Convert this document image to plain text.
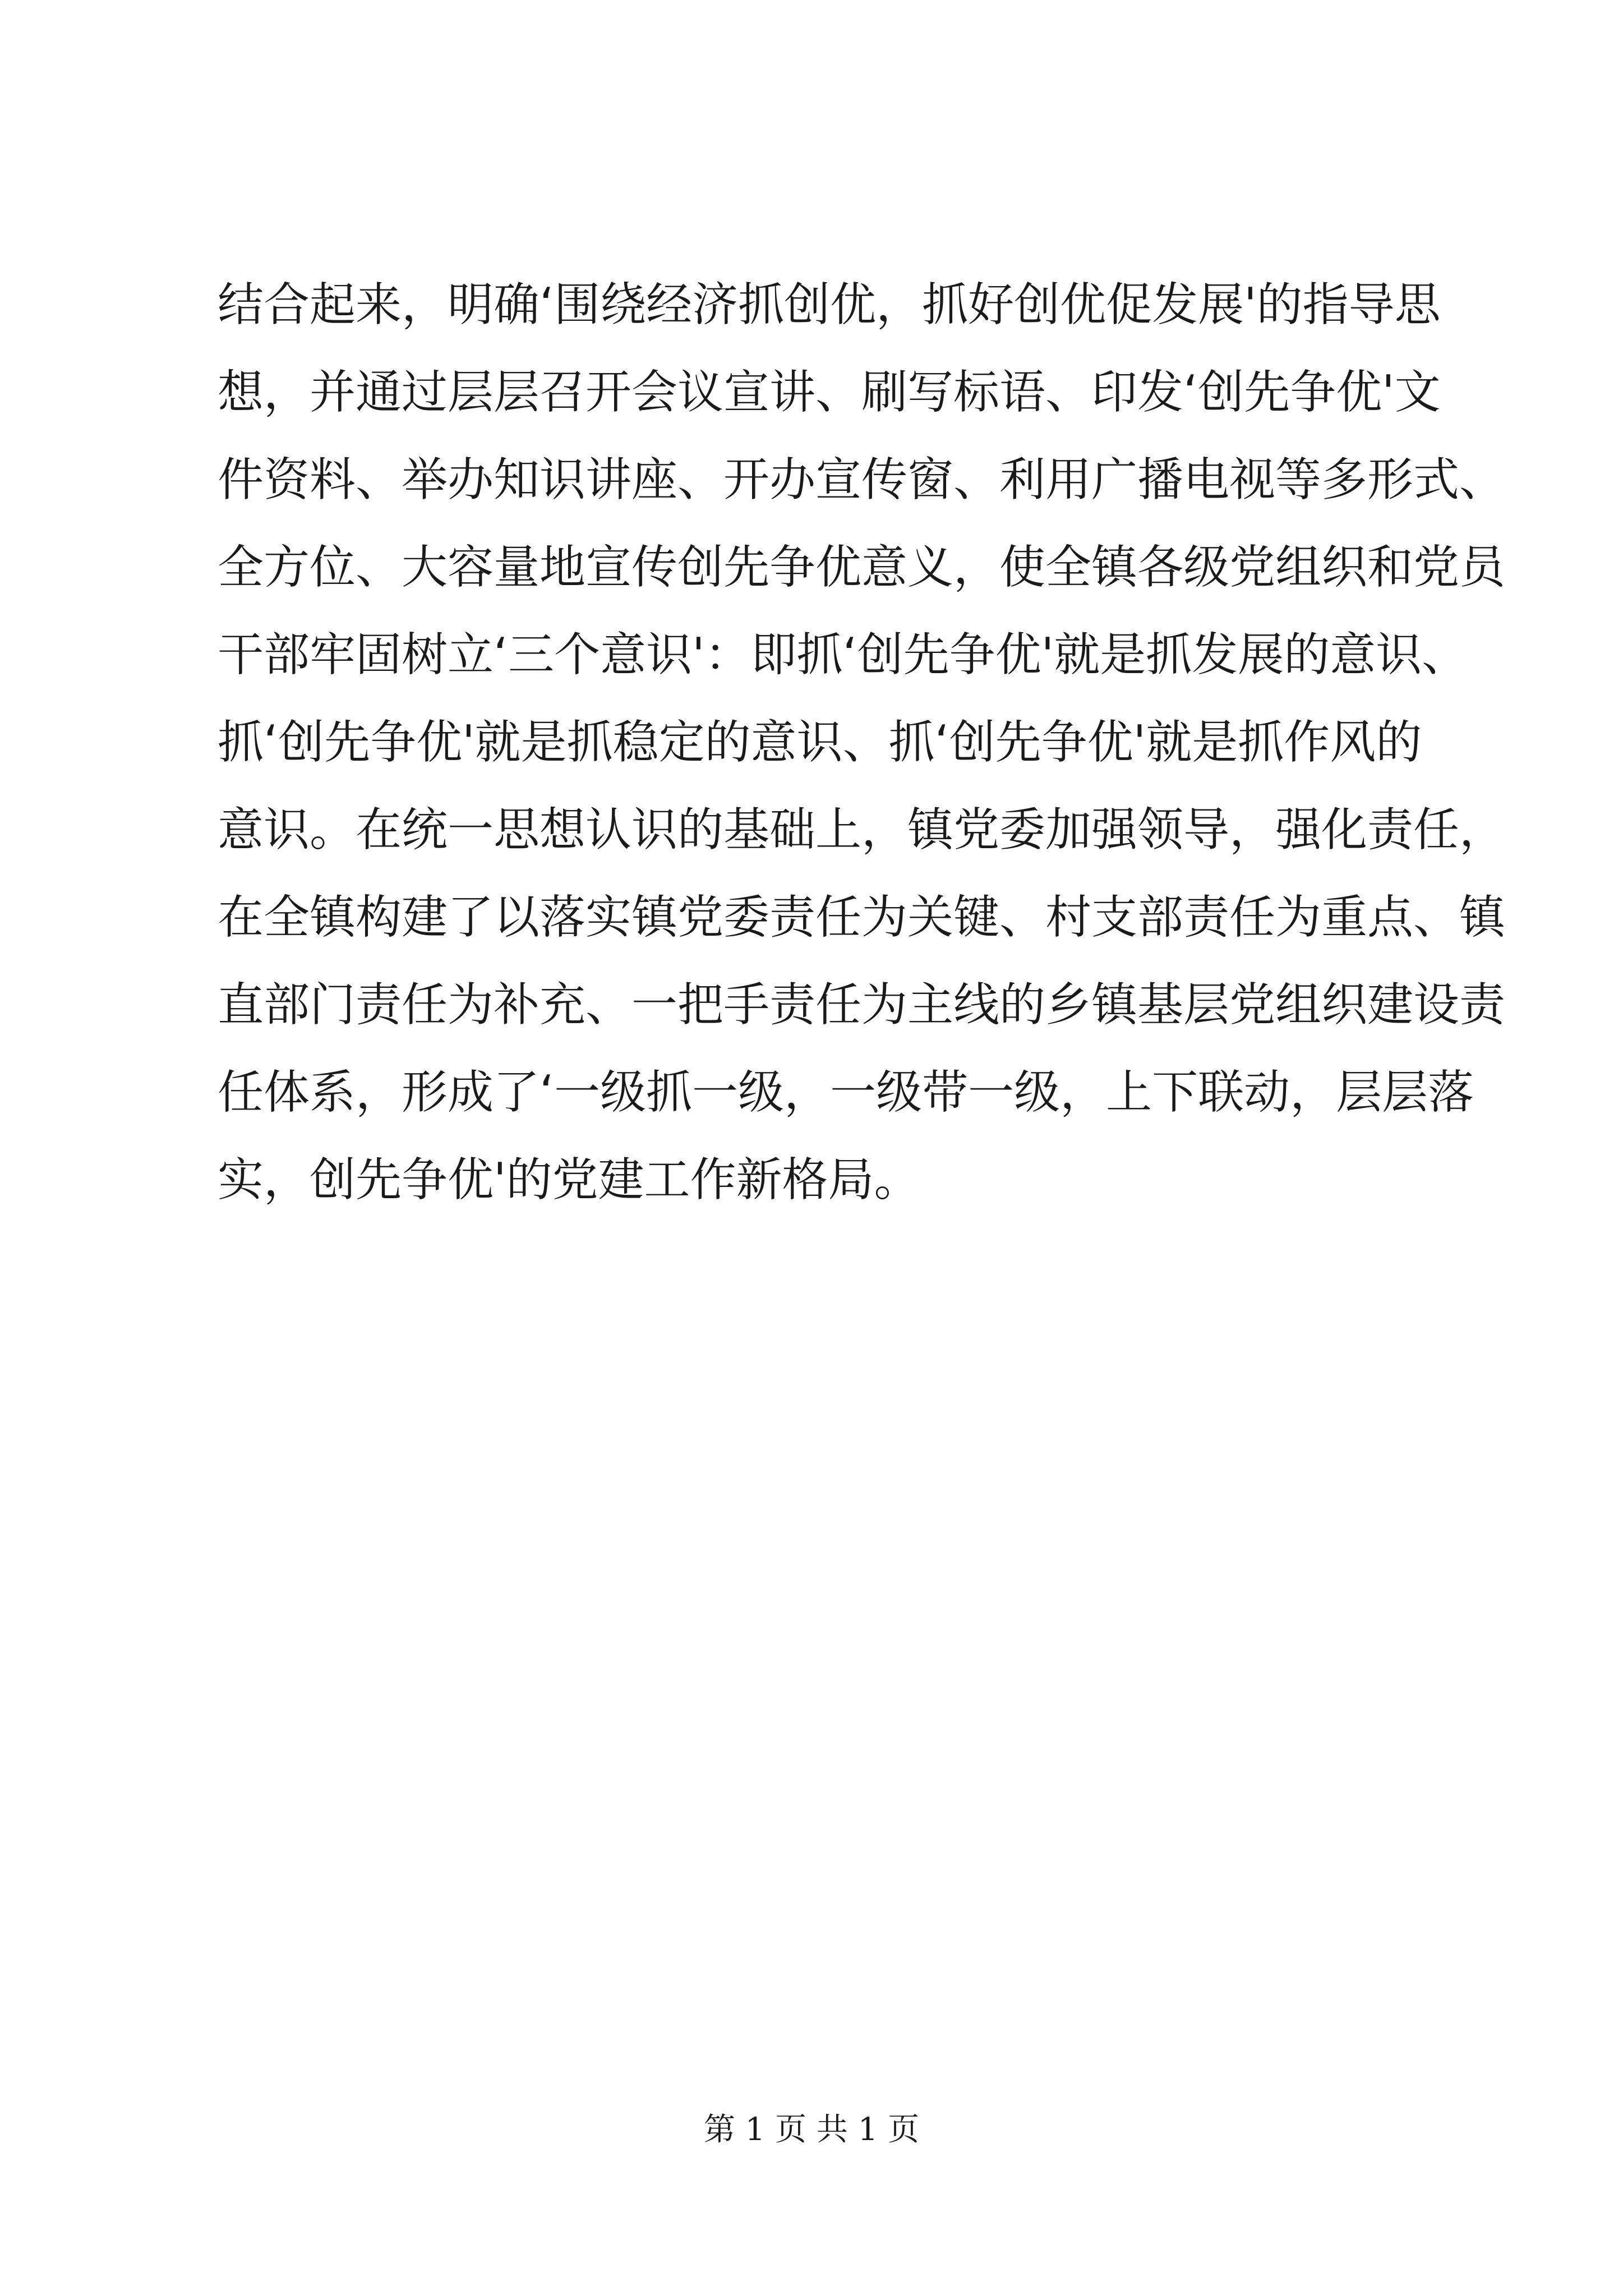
结合起来，明确‘围绕经济抓创优，抓好创优促发展'的指导思
想，并通过层层召开会议宣讲、刷写标语、印发‘创先争优'文
件资料、举办知识讲座、开办宣传窗、利用广播电视等多形式、
全方位、大容量地宣传创先争优意义，使全镇各级党组织和党员
干部牢固树立‘三个意识'：即抓‘创先争优'就是抓发展的意识、
抓‘创先争优'就是抓稳定的意识、抓‘创先争优'就是抓作风的
意识。在统一思想认识的基础上，镇党委加强领导，强化责任，
在全镇构建了以落实镇党委责任为关键、村支部责任为重点、镇
直部门责任为补充、一把手责任为主线的乡镇基层党组织建设责
任体系，形成了‘一级抓一级，一级带一级，上下联动，层层落
实，创先争优'的党建工作新格局。
第 1 页 共 1 页
